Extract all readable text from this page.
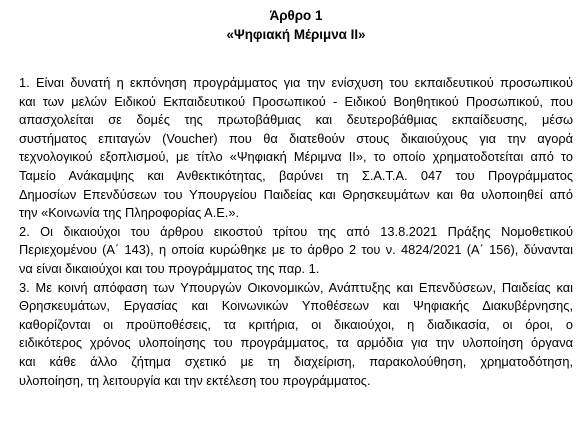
Άρθρο 1
«Ψηφιακή Μέριμνα ΙΙ»

1. Είναι δυνατή η εκπόνηση προγράμματος για την ενίσχυση του εκπαιδευτικού προσωπικού
και των μελών Ειδικού Εκπαιδευτικού Προσωπικού - Ειδικού Βοηθητικού Προσωπικού, που
απασχολείται σε δομές της πρωτοβάθμιας και δευτεροβάθμιας εκπαίδευσης, μέσω
συστήματος επιταγών (Voucher) που θα διατεθούν στους δικαιούχους για την αγορά
τεχνολογικού εξοπλισμού, με τίτλο «Ψηφιακή Μέριμνα ΙΙ», το οποίο χρηματοδοτείται από το
Ταμείο Ανάκαμψης και Ανθεκτικότητας, βαρύνει τη Σ.Α.Τ.Α. 047 του Προγράμματος
Δημοσίων Επενδύσεων του Υπουργείου Παιδείας και Θρησκευμάτων και θα υλοποιηθεί από
την «Κοινωνία της Πληροφορίας Α.Ε.».

2. Οι δικαιούχοι του άρθρου εικοστού τρίτου της από 13.8.2021 Πράξης Νομοθετικού
Περιεχομένου (Α΄ 143), η οποία κυρώθηκε με το άρθρο 2 του ν. 4824/2021 (Α΄ 156), δύνανται
να είναι δικαιούχοι και του προγράμματος της παρ. 1.

3. Με κοινή απόφαση των Υπουργών Οικονομικών, Ανάπτυξης και Επενδύσεων, Παιδείας και
Θρησκευμάτων, Εργασίας και Κοινωνικών Υποθέσεων και Ψηφιακής Διακυβέρνησης,
καθορίζονται οι προϋποθέσεις, τα κριτήρια, οι δικαιούχοι, η διαδικασία, οι όροι, ο
ειδικότερος χρόνος υλοποίησης του προγράμματος, τα αρμόδια για την υλοποίηση όργανα
και κάθε άλλο ζήτημα σχετικό με τη διαχείριση, παρακολούθηση, χρηματοδότηση,
υλοποίηση, τη λειτουργία και την εκτέλεση του προγράμματος.
